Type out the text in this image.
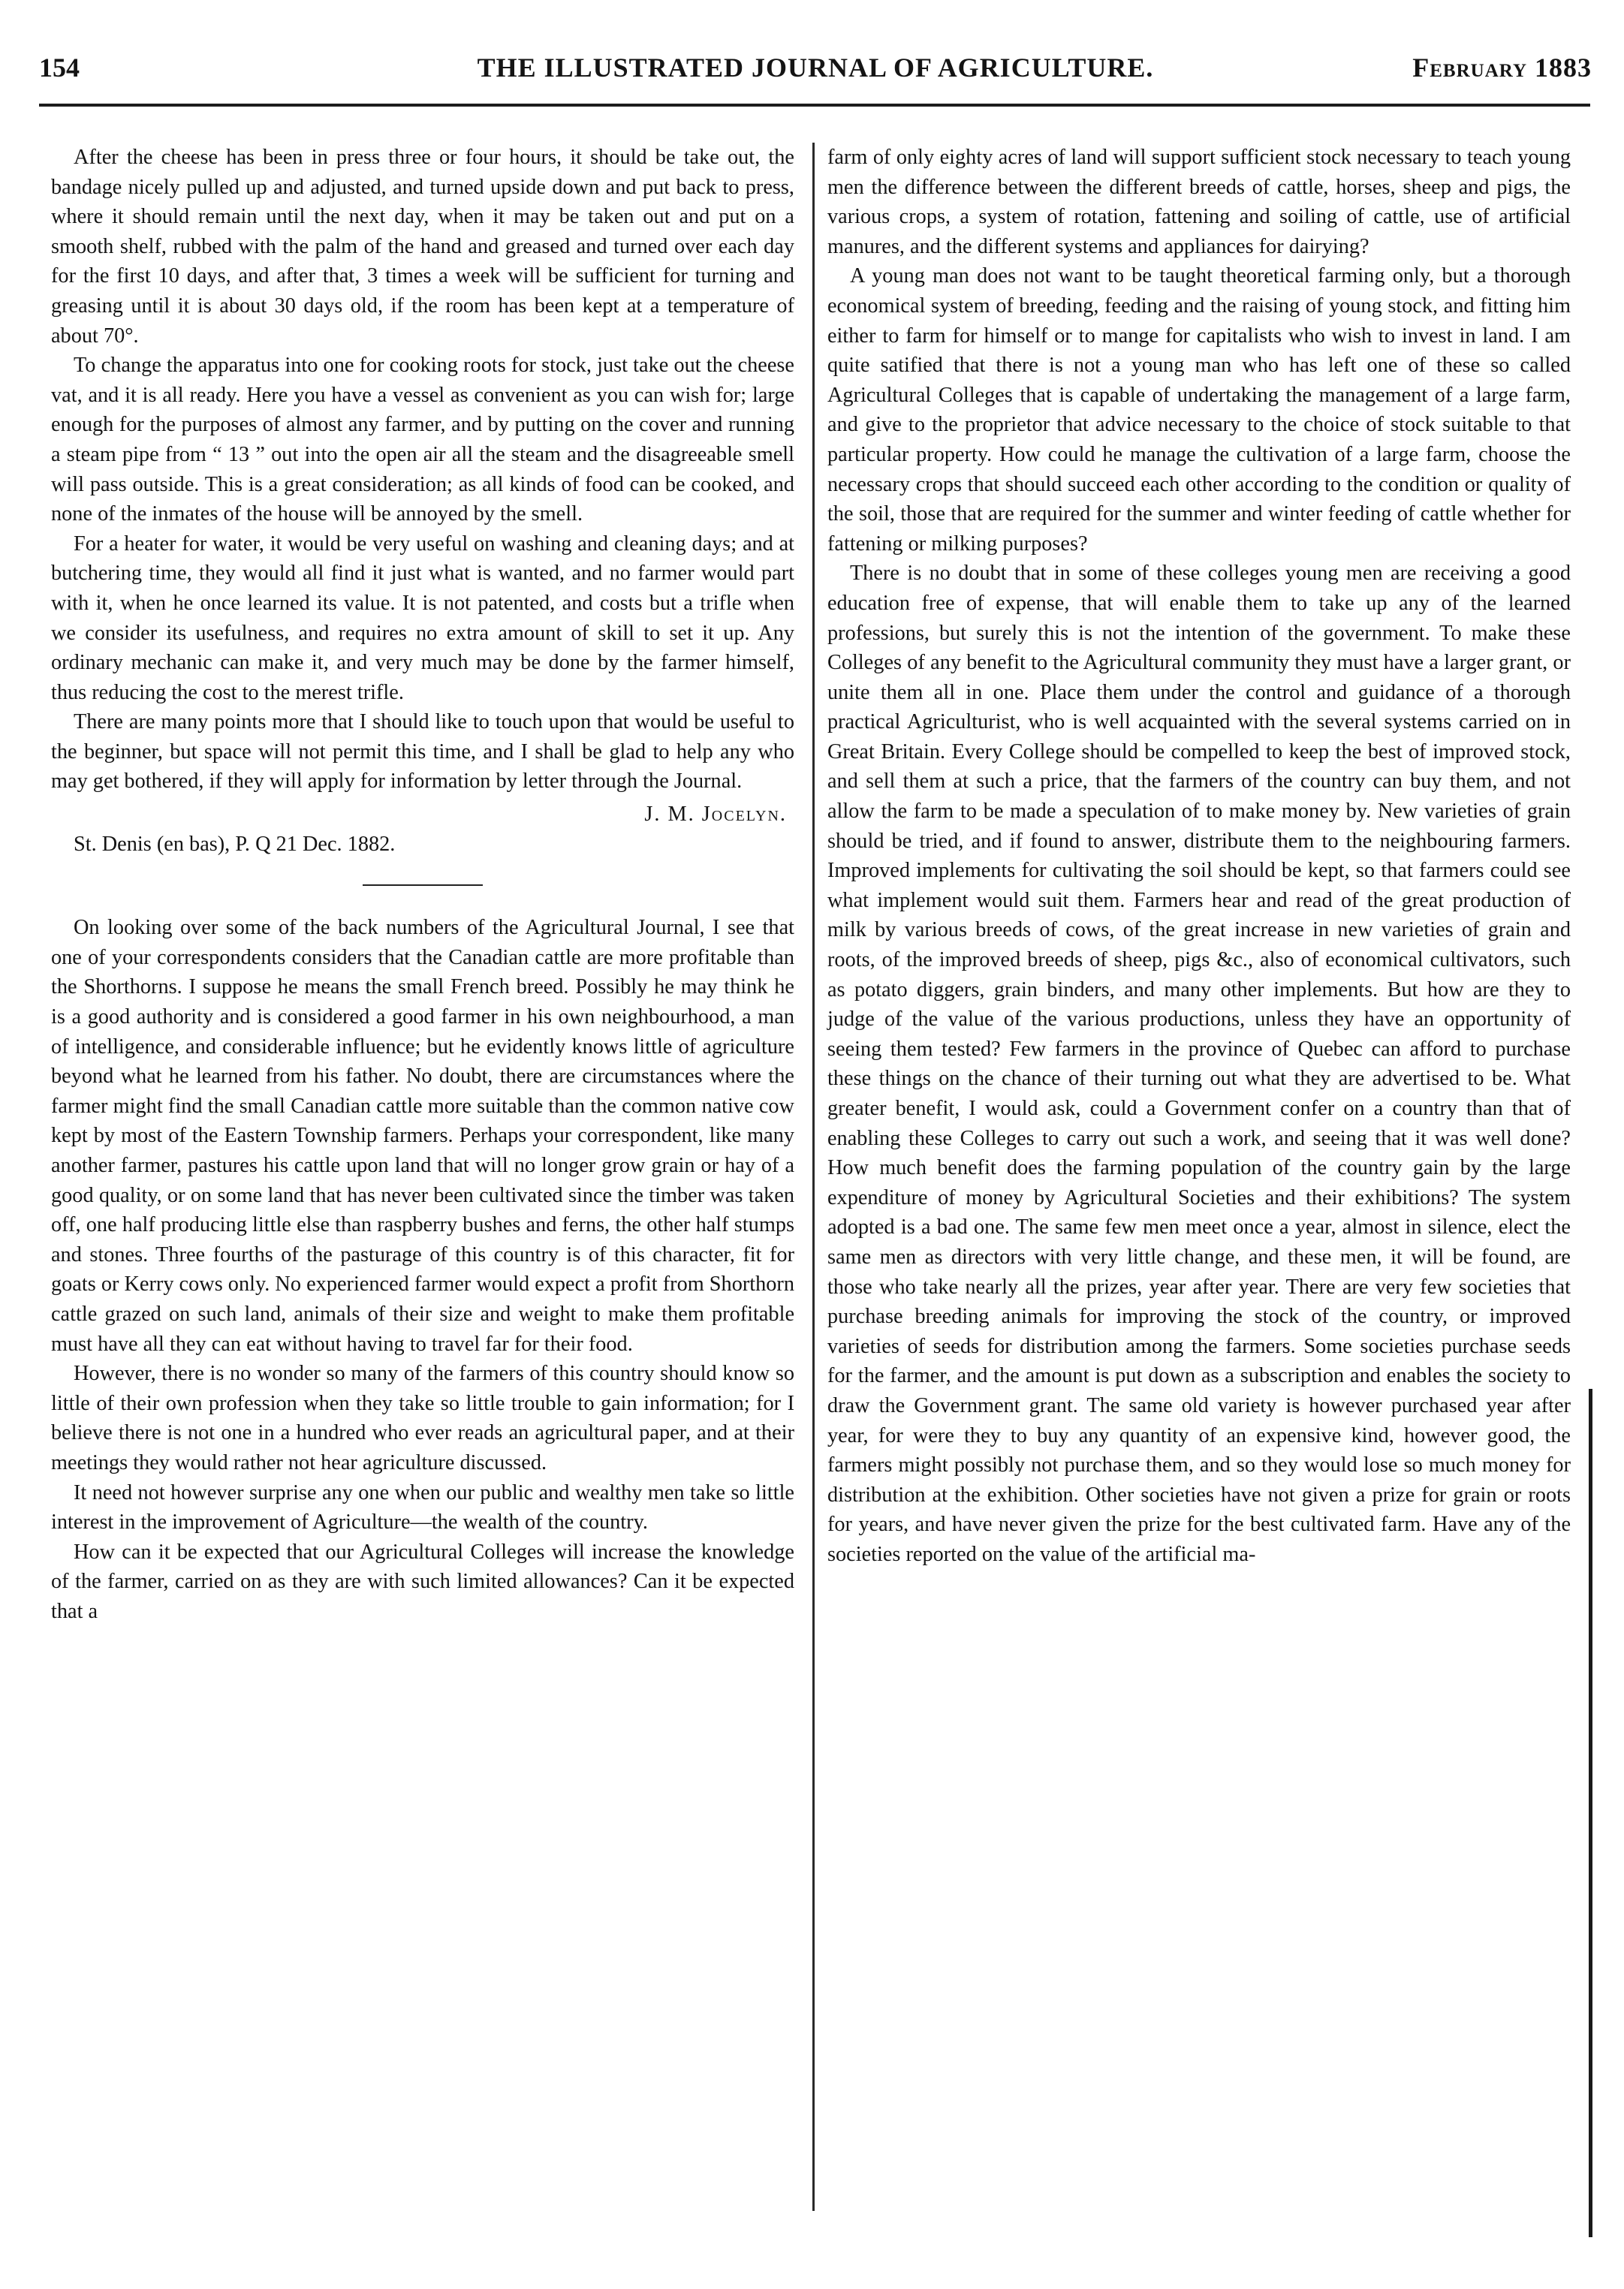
154	THE ILLUSTRATED JOURNAL OF AGRICULTURE.	February 1883

After the cheese has been in press three or four hours, it should be take out, the bandage nicely pulled up and adjusted, and turned upside down and put back to press, where it should remain until the next day, when it may be taken out and put on a smooth shelf, rubbed with the palm of the hand and greased and turned over each day for the first 10 days, and after that, 3 times a week will be sufficient for turning and greasing until it is about 30 days old, if the room has been kept at a temperature of about 70°.

To change the apparatus into one for cooking roots for stock, just take out the cheese vat, and it is all ready. Here you have a vessel as convenient as you can wish for; large enough for the purposes of almost any farmer, and by putting on the cover and running a steam pipe from “ 13 ” out into the open air all the steam and the disagreeable smell will pass outside. This is a great consideration; as all kinds of food can be cooked, and none of the inmates of the house will be annoyed by the smell.

For a heater for water, it would be very useful on washing and cleaning days; and at butchering time, they would all find it just what is wanted, and no farmer would part with it, when he once learned its value. It is not patented, and costs but a trifle when we consider its usefulness, and requires no extra amount of skill to set it up. Any ordinary mechanic can make it, and very much may be done by the farmer himself, thus reducing the cost to the merest trifle.

There are many points more that I should like to touch upon that would be useful to the beginner, but space will not permit this time, and I shall be glad to help any who may get bothered, if they will apply for information by letter through the Journal.

J. M. Jocelyn.

St. Denis (en bas), P. Q 21 Dec. 1882.

On looking over some of the back numbers of the Agricultural Journal, I see that one of your correspondents considers that the Canadian cattle are more profitable than the Shorthorns. I suppose he means the small French breed. Possibly he may think he is a good authority and is considered a good farmer in his own neighbourhood, a man of intelligence, and considerable influence; but he evidently knows little of agriculture beyond what he learned from his father. No doubt, there are circumstances where the farmer might find the small Canadian cattle more suitable than the common native cow kept by most of the Eastern Township farmers. Perhaps your correspondent, like many another farmer, pastures his cattle upon land that will no longer grow grain or hay of a good quality, or on some land that has never been cultivated since the timber was taken off, one half producing little else than raspberry bushes and ferns, the other half stumps and stones. Three fourths of the pasturage of this country is of this character, fit for goats or Kerry cows only. No experienced farmer would expect a profit from Shorthorn cattle grazed on such land, animals of their size and weight to make them profitable must have all they can eat without having to travel far for their food.

However, there is no wonder so many of the farmers of this country should know so little of their own profession when they take so little trouble to gain information; for I believe there is not one in a hundred who ever reads an agricultural paper, and at their meetings they would rather not hear agriculture discussed.

It need not however surprise any one when our public and wealthy men take so little interest in the improvement of Agriculture—the wealth of the country.

How can it be expected that our Agricultural Colleges will increase the knowledge of the farmer, carried on as they are with such limited allowances? Can it be expected that a

farm of only eighty acres of land will support sufficient stock necessary to teach young men the difference between the different breeds of cattle, horses, sheep and pigs, the various crops, a system of rotation, fattening and soiling of cattle, use of artificial manures, and the different systems and appliances for dairying?

A young man does not want to be taught theoretical farming only, but a thorough economical system of breeding, feeding and the raising of young stock, and fitting him either to farm for himself or to mange for capitalists who wish to invest in land. I am quite satified that there is not a young man who has left one of these so called Agricultural Colleges that is capable of undertaking the management of a large farm, and give to the proprietor that advice necessary to the choice of stock suitable to that particular property. How could he manage the cultivation of a large farm, choose the necessary crops that should succeed each other according to the condition or quality of the soil, those that are required for the summer and winter feeding of cattle whether for fattening or milking purposes?

There is no doubt that in some of these colleges young men are receiving a good education free of expense, that will enable them to take up any of the learned professions, but surely this is not the intention of the government. To make these Colleges of any benefit to the Agricultural community they must have a larger grant, or unite them all in one. Place them under the control and guidance of a thorough practical Agriculturist, who is well acquainted with the several systems carried on in Great Britain. Every College should be compelled to keep the best of improved stock, and sell them at such a price, that the farmers of the country can buy them, and not allow the farm to be made a speculation of to make money by. New varieties of grain should be tried, and if found to answer, distribute them to the neighbouring farmers. Improved implements for cultivating the soil should be kept, so that farmers could see what implement would suit them. Farmers hear and read of the great production of milk by various breeds of cows, of the great increase in new varieties of grain and roots, of the improved breeds of sheep, pigs &c., also of economical cultivators, such as potato diggers, grain binders, and many other implements. But how are they to judge of the value of the various productions, unless they have an opportunity of seeing them tested? Few farmers in the province of Quebec can afford to purchase these things on the chance of their turning out what they are advertised to be. What greater benefit, I would ask, could a Government confer on a country than that of enabling these Colleges to carry out such a work, and seeing that it was well done? How much benefit does the farming population of the country gain by the large expenditure of money by Agricultural Societies and their exhibitions? The system adopted is a bad one. The same few men meet once a year, almost in silence, elect the same men as directors with very little change, and these men, it will be found, are those who take nearly all the prizes, year after year. There are very few societies that purchase breeding animals for improving the stock of the country, or improved varieties of seeds for distribution among the farmers. Some societies purchase seeds for the farmer, and the amount is put down as a subscription and enables the society to draw the Government grant. The same old variety is however purchased year after year, for were they to buy any quantity of an expensive kind, however good, the farmers might possibly not purchase them, and so they would lose so much money for distribution at the exhibition. Other societies have not given a prize for grain or roots for years, and have never given the prize for the best cultivated farm. Have any of the societies reported on the value of the artificial ma-
